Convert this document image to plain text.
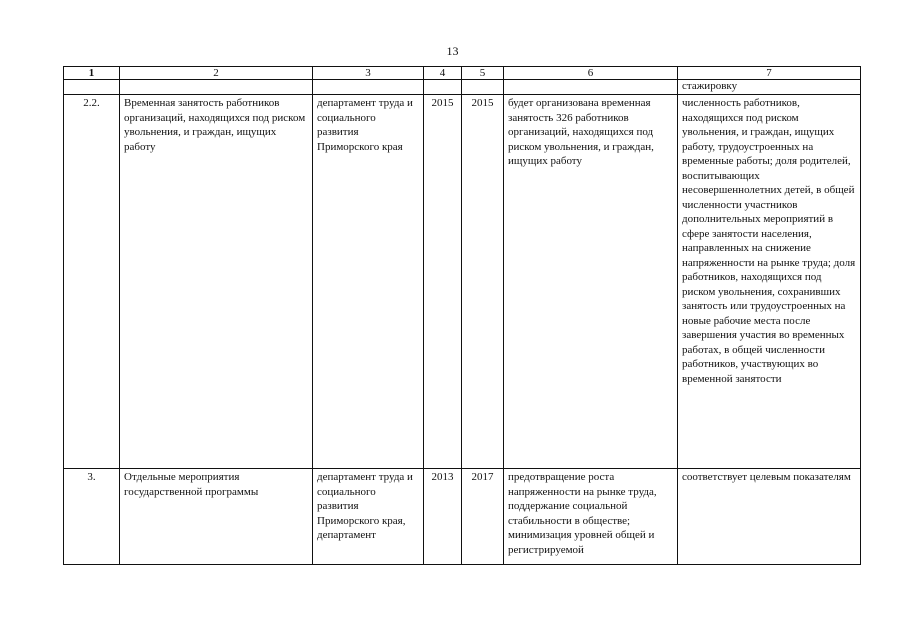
13
1	2	3	4	5	6	7
						стажировку
2.2.	Временная занятость работников организаций, находящихся под риском увольнения, и граждан, ищущих работу	департамент труда и социального развития Приморского края	2015	2015	будет организована временная занятость 326 работников организаций, находящихся под риском увольнения, и граждан, ищущих работу	численность работников, находящихся под риском увольнения, и граждан, ищущих работу, трудоустроенных на временные работы; доля родителей, воспитывающих несовершеннолетних детей, в общей численности участников дополнительных мероприятий в сфере занятости населения, направленных на снижение напряженности на рынке труда; доля работников, находящихся под риском увольнения, сохранивших занятость или трудоустроенных на новые рабочие места после завершения участия во временных работах, в общей численности работников, участвующих во временной занятости
3.	Отдельные мероприятия государственной программы	департамент труда и социального развития Приморского края, департамент	2013	2017	предотвращение роста напряженности на рынке труда, поддержание социальной стабильности в обществе; минимизация уровней общей и регистрируемой	соответствует целевым показателям
